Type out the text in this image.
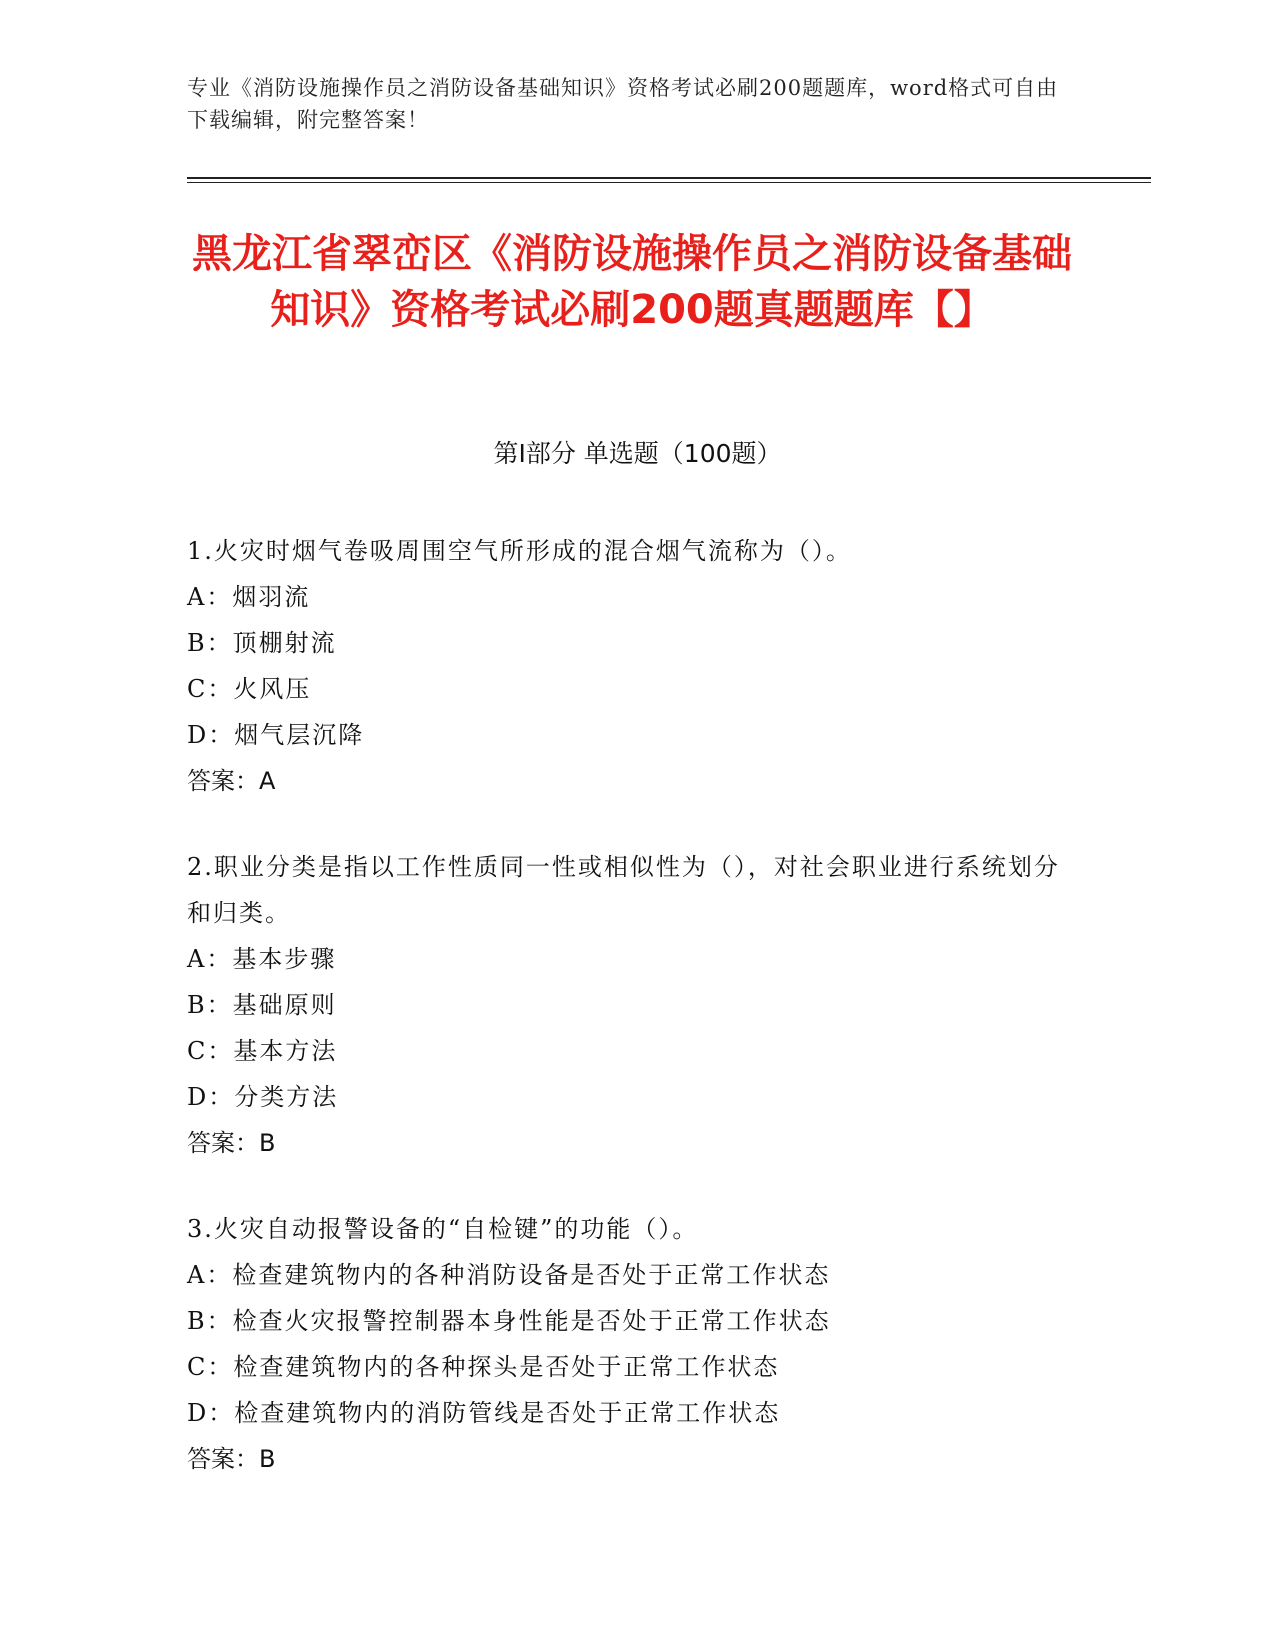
专业《消防设施操作员之消防设备基础知识》资格考试必刷200题题库，word格式可自由下载编辑，附完整答案！
黑龙江省翠峦区《消防设施操作员之消防设备基础知识》资格考试必刷200题真题题库【】
第Ⅰ部分 单选题（100题）

1.火灾时烟气卷吸周围空气所形成的混合烟气流称为（）。

A：烟羽流

B：顶棚射流

C：火风压

D：烟气层沉降

答案：A

2.职业分类是指以工作性质同一性或相似性为（），对社会职业进行系统划分和归类。

A：基本步骤

B：基础原则

C：基本方法

D：分类方法

答案：B

3.火灾自动报警设备的“自检键”的功能（）。

A：检查建筑物内的各种消防设备是否处于正常工作状态

B：检查火灾报警控制器本身性能是否处于正常工作状态

C：检查建筑物内的各种探头是否处于正常工作状态

D：检查建筑物内的消防管线是否处于正常工作状态

答案：B
